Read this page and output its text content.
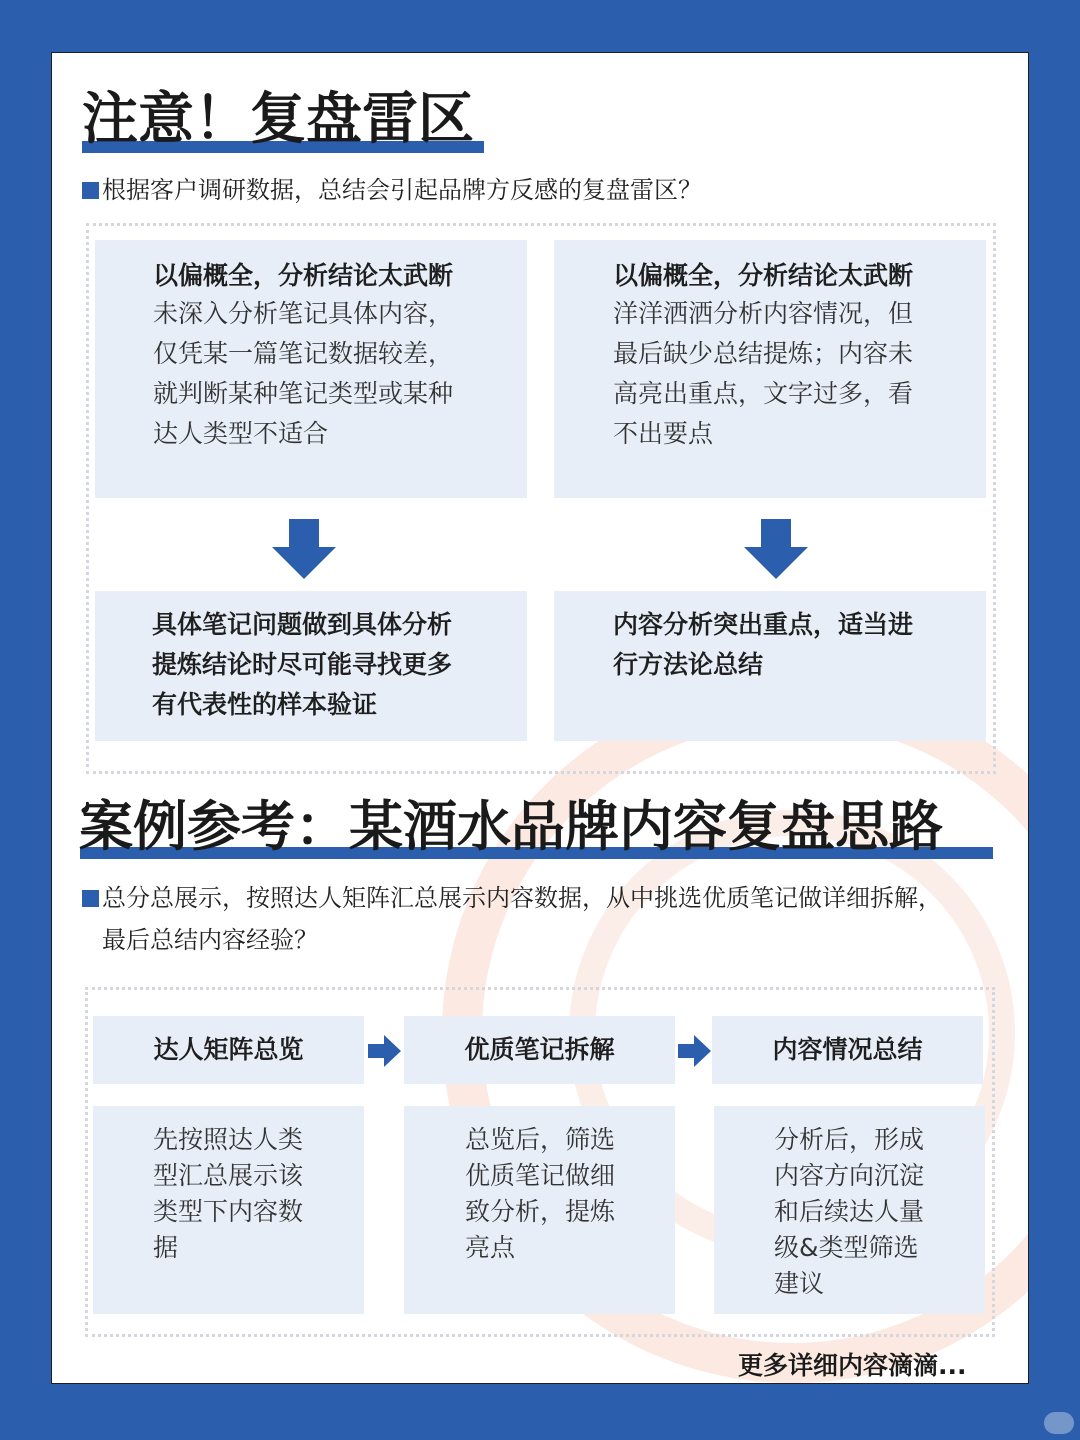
注意！复盘雷区
根据客户调研数据，总结会引起品牌方反感的复盘雷区？
以偏概全，分析结论太武断
未深入分析笔记具体内容，
仅凭某一篇笔记数据较差，
就判断某种笔记类型或某种
达人类型不适合
以偏概全，分析结论太武断
洋洋洒洒分析内容情况，但
最后缺少总结提炼；内容未
高亮出重点，文字过多，看
不出要点
具体笔记问题做到具体分析
提炼结论时尽可能寻找更多
有代表性的样本验证
内容分析突出重点，适当进
行方法论总结
案例参考：某酒水品牌内容复盘思路
总分总展示，按照达人矩阵汇总展示内容数据，从中挑选优质笔记做详细拆解，
最后总结内容经验？
达人矩阵总览	优质笔记拆解	内容情况总结
先按照达人类
型汇总展示该
类型下内容数
据
总览后，筛选
优质笔记做细
致分析，提炼
亮点
分析后，形成
内容方向沉淀
和后续达人量
级&类型筛选
建议
更多详细内容滴滴...
